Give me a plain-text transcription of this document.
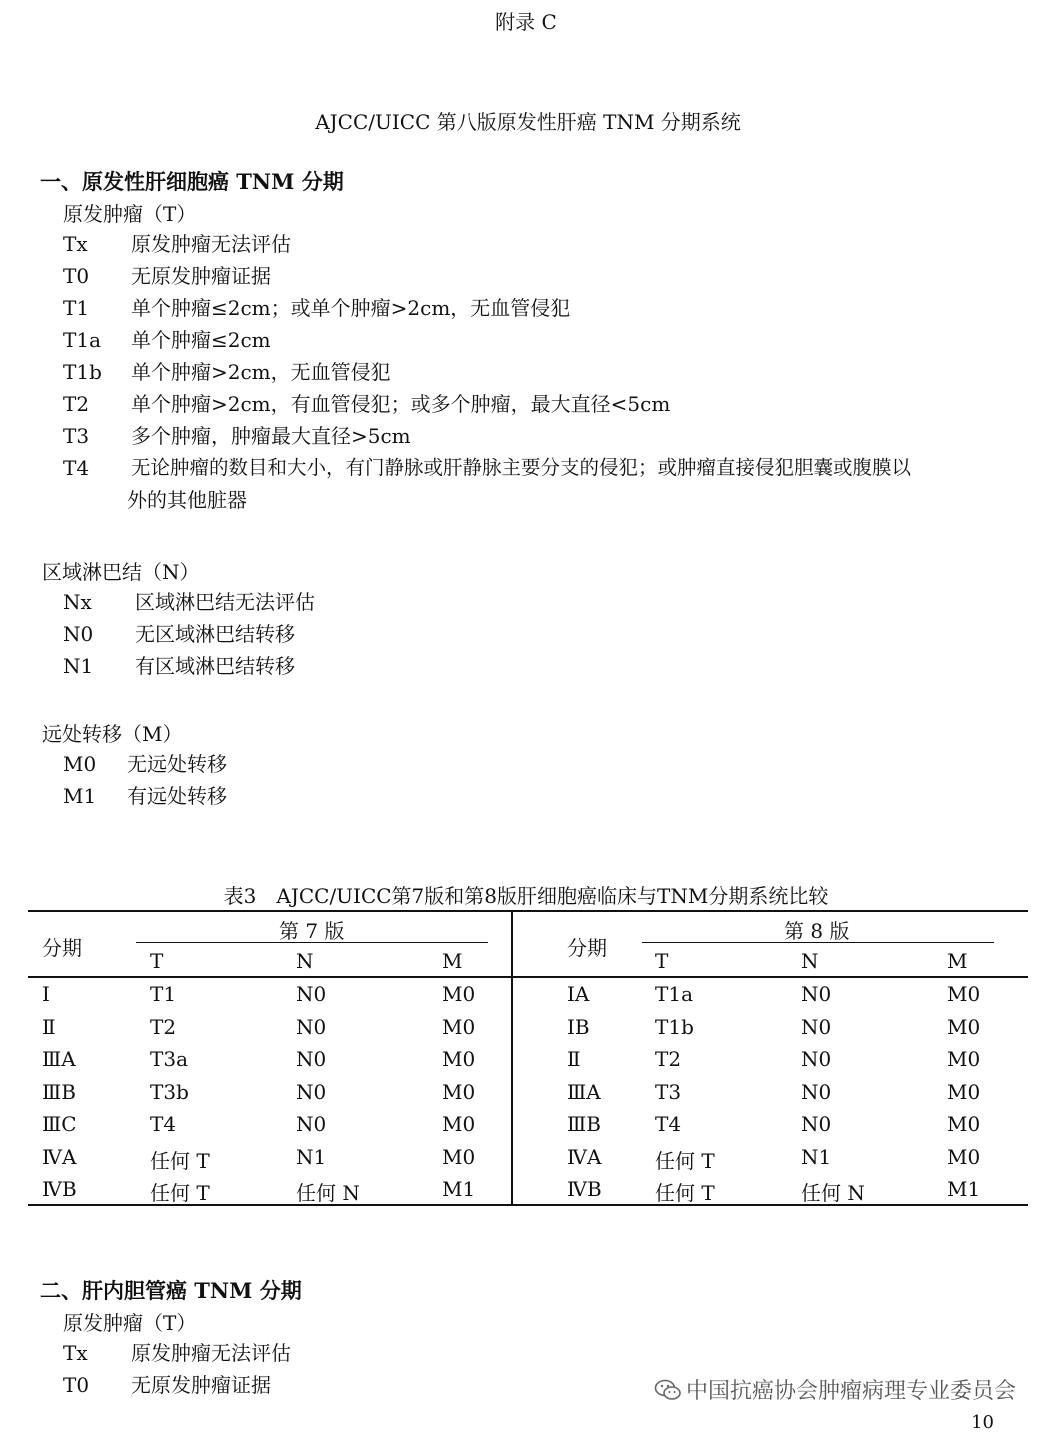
附录 C
AJCC/UICC 第八版原发性肝癌 TNM 分期系统
一、原发性肝细胞癌 TNM 分期
原发肿瘤（T）
Tx 原发肿瘤无法评估
T0 无原发肿瘤证据
T1 单个肿瘤≤2cm；或单个肿瘤>2cm，无血管侵犯
T1a 单个肿瘤≤2cm
T1b 单个肿瘤>2cm，无血管侵犯
T2 单个肿瘤>2cm，有血管侵犯；或多个肿瘤，最大直径<5cm
T3 多个肿瘤，肿瘤最大直径>5cm
T4 无论肿瘤的数目和大小，有门静脉或肝静脉主要分支的侵犯；或肿瘤直接侵犯胆囊或腹膜以
外的其他脏器
区域淋巴结（N）
Nx 区域淋巴结无法评估
N0 无区域淋巴结转移
N1 有区域淋巴结转移
远处转移（M）
M0 无远处转移
M1 有远处转移
表3　AJCC/UICC第7版和第8版肝细胞癌临床与TNM分期系统比较
分期
第 7 版
T	N	M
分期
第 8 版
T	N	M
Ⅰ	T1	N0	M0
Ⅱ	T2	N0	M0
ⅢA	T3a	N0	M0
ⅢB	T3b	N0	M0
ⅢC	T4	N0	M0
ⅣA	任何 T	N1	M0
ⅣB	任何 T	任何 N	M1
ⅠA	T1a	N0	M0
ⅠB	T1b	N0	M0
Ⅱ	T2	N0	M0
ⅢA	T3	N0	M0
ⅢB	T4	N0	M0
ⅣA	任何 T	N1	M0
ⅣB	任何 T	任何 N	M1
二、肝内胆管癌 TNM 分期
原发肿瘤（T）
Tx 原发肿瘤无法评估
T0 无原发肿瘤证据	中国抗癌协会肿瘤病理专业委员会
10
